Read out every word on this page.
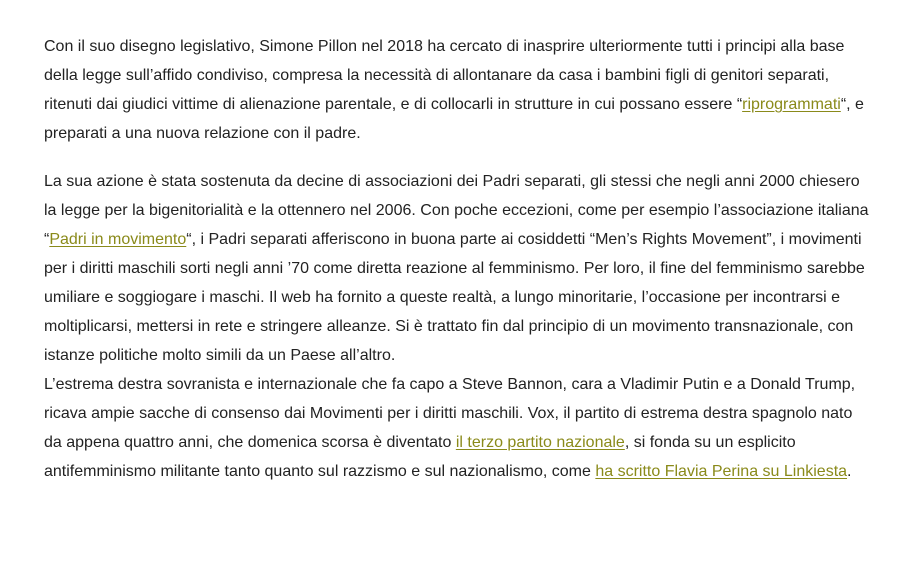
Con il suo disegno legislativo, Simone Pillon nel 2018 ha cercato di inasprire ulteriormente tutti i principi alla base della legge sull’affido condiviso, compresa la necessità di allontanare da casa i bambini figli di genitori separati, ritenuti dai giudici vittime di alienazione parentale, e di collocarli in strutture in cui possano essere “riprogrammati“, e preparati a una nuova relazione con il padre.

La sua azione è stata sostenuta da decine di associazioni dei Padri separati, gli stessi che negli anni 2000 chiesero la legge per la bigenitorialità e la ottennero nel 2006. Con poche eccezioni, come per esempio l’associazione italiana “Padri in movimento“, i Padri separati afferiscono in buona parte ai cosiddetti “Men’s Rights Movement”, i movimenti per i diritti maschili sorti negli anni ’70 come diretta reazione al femminismo. Per loro, il fine del femminismo sarebbe umiliare e soggiogare i maschi. Il web ha fornito a queste realtà, a lungo minoritarie, l’occasione per incontrarsi e moltiplicarsi, mettersi in rete e stringere alleanze. Si è trattato fin dal principio di un movimento transnazionale, con istanze politiche molto simili da un Paese all’altro.
L’estrema destra sovranista e internazionale che fa capo a Steve Bannon, cara a Vladimir Putin e a Donald Trump, ricava ampie sacche di consenso dai Movimenti per i diritti maschili. Vox, il partito di estrema destra spagnolo nato da appena quattro anni, che domenica scorsa è diventato il terzo partito nazionale, si fonda su un esplicito antifemminismo militante tanto quanto sul razzismo e sul nazionalismo, come ha scritto Flavia Perina su Linkiesta.
